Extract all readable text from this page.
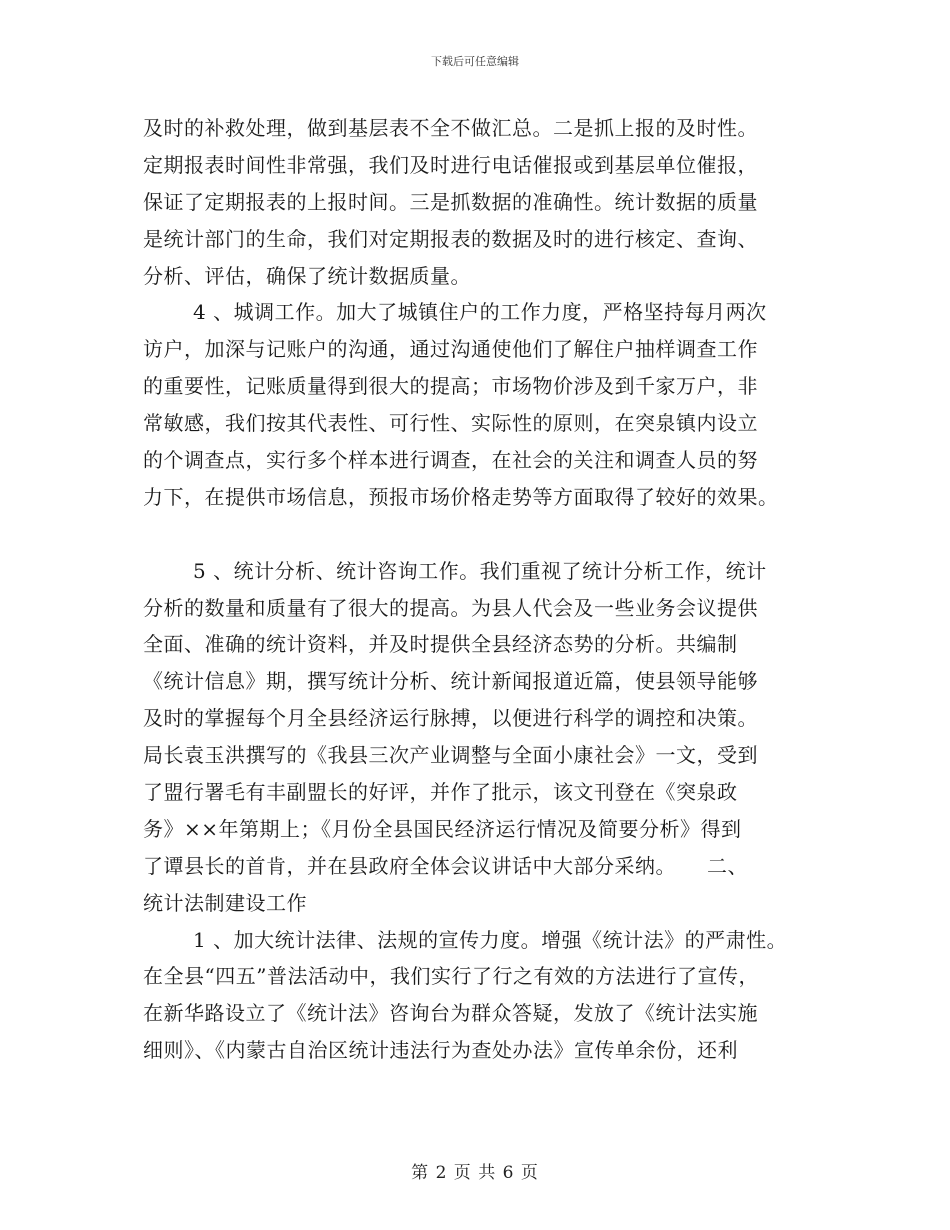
下载后可任意编辑
及时的补救处理，做到基层表不全不做汇总。二是抓上报的及时性。
定期报表时间性非常强，我们及时进行电话催报或到基层单位催报，
保证了定期报表的上报时间。三是抓数据的准确性。统计数据的质量
是统计部门的生命，我们对定期报表的数据及时的进行核定、查询、
分析、评估，确保了统计数据质量。
4 、城调工作。加大了城镇住户的工作力度，严格坚持每月两次
访户，加深与记账户的沟通，通过沟通使他们了解住户抽样调查工作
的重要性，记账质量得到很大的提高；市场物价涉及到千家万户，非
常敏感，我们按其代表性、可行性、实际性的原则，在突泉镇内设立
的个调查点，实行多个样本进行调查，在社会的关注和调查人员的努
力下，在提供市场信息，预报市场价格走势等方面取得了较好的效果。
5 、统计分析、统计咨询工作。我们重视了统计分析工作，统计
分析的数量和质量有了很大的提高。为县人代会及一些业务会议提供
全面、准确的统计资料，并及时提供全县经济态势的分析。共编制
《统计信息》期，撰写统计分析、统计新闻报道近篇，使县领导能够
及时的掌握每个月全县经济运行脉搏，以便进行科学的调控和决策。
局长袁玉洪撰写的《我县三次产业调整与全面小康社会》一文，受到
了盟行署毛有丰副盟长的好评，并作了批示，该文刊登在《突泉政
务》××年第期上；《月份全县国民经济运行情况及简要分析》得到
了谭县长的首肯，并在县政府全体会议讲话中大部分采纳。　　二、
统计法制建设工作
1 、加大统计法律、法规的宣传力度。增强《统计法》的严肃性。
在全县“四五”普法活动中，我们实行了行之有效的方法进行了宣传，
在新华路设立了《统计法》咨询台为群众答疑，发放了《统计法实施
细则》、《内蒙古自治区统计违法行为查处办法》宣传单余份，还利
第 2 页 共 6 页
